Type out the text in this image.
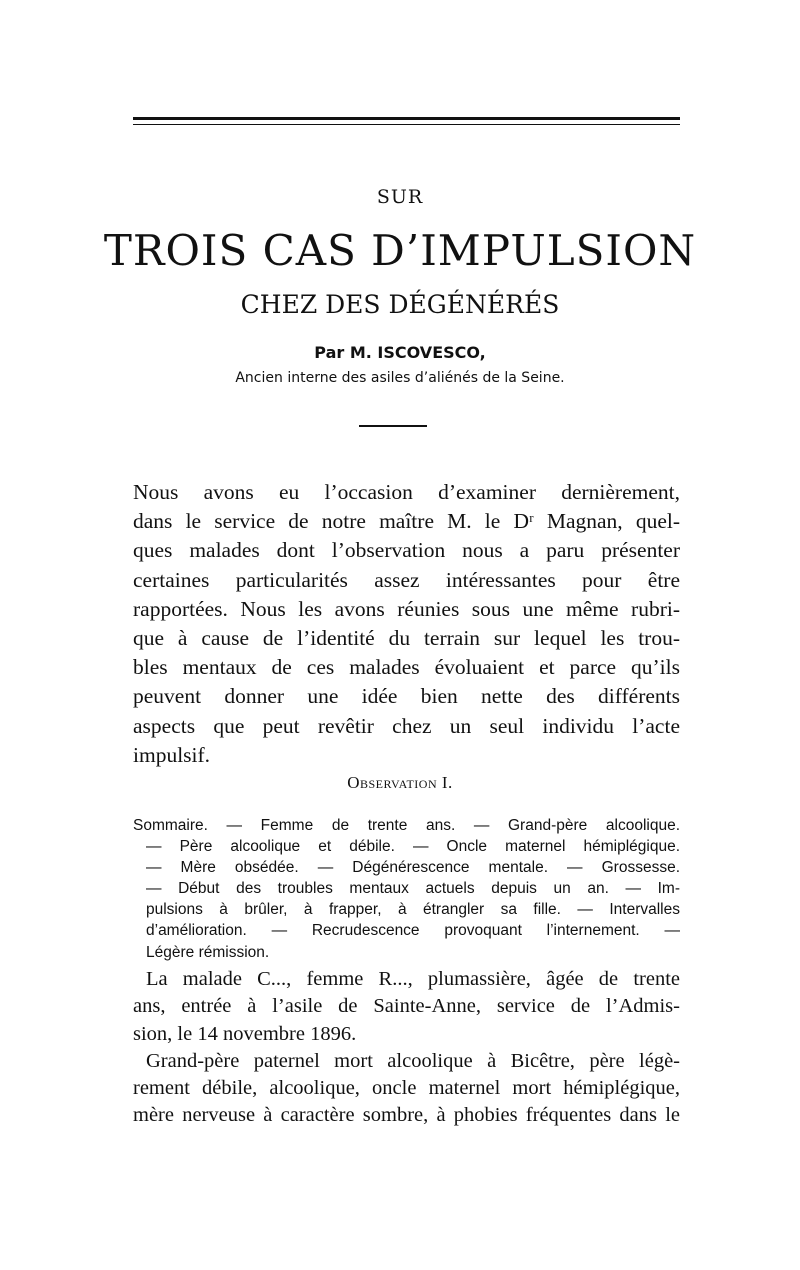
SUR
TROIS CAS D’IMPULSION
CHEZ DES DÉGÉNÉRÉS
Par M. ISCOVESCO,
Ancien interne des asiles d’aliénés de la Seine.
Nous avons eu l’occasion d’examiner dernièrement,
dans le service de notre maître M. le Dʳ Magnan, quel-
ques malades dont l’observation nous a paru présenter
certaines particularités assez intéressantes pour être
rapportées. Nous les avons réunies sous une même rubri-
que à cause de l’identité du terrain sur lequel les trou-
bles mentaux de ces malades évoluaient et parce qu’ils
peuvent donner une idée bien nette des différents
aspects que peut revêtir chez un seul individu l’acte
impulsif.
Observation I.
Sommaire. — Femme de trente ans. — Grand-père alcoolique.
— Père alcoolique et débile. — Oncle maternel hémiplégique.
— Mère obsédée. — Dégénérescence mentale. — Grossesse.
— Début des troubles mentaux actuels depuis un an. — Im-
pulsions à brûler, à frapper, à étrangler sa fille. — Intervalles
d’amélioration. — Recrudescence provoquant l’internement. —
Légère rémission.
La malade C..., femme R..., plumassière, âgée de trente
ans, entrée à l’asile de Sainte-Anne, service de l’Admis-
sion, le 14 novembre 1896.
Grand-père paternel mort alcoolique à Bicêtre, père légè-
rement débile, alcoolique, oncle maternel mort hémiplégique,
mère nerveuse à caractère sombre, à phobies fréquentes dans le
